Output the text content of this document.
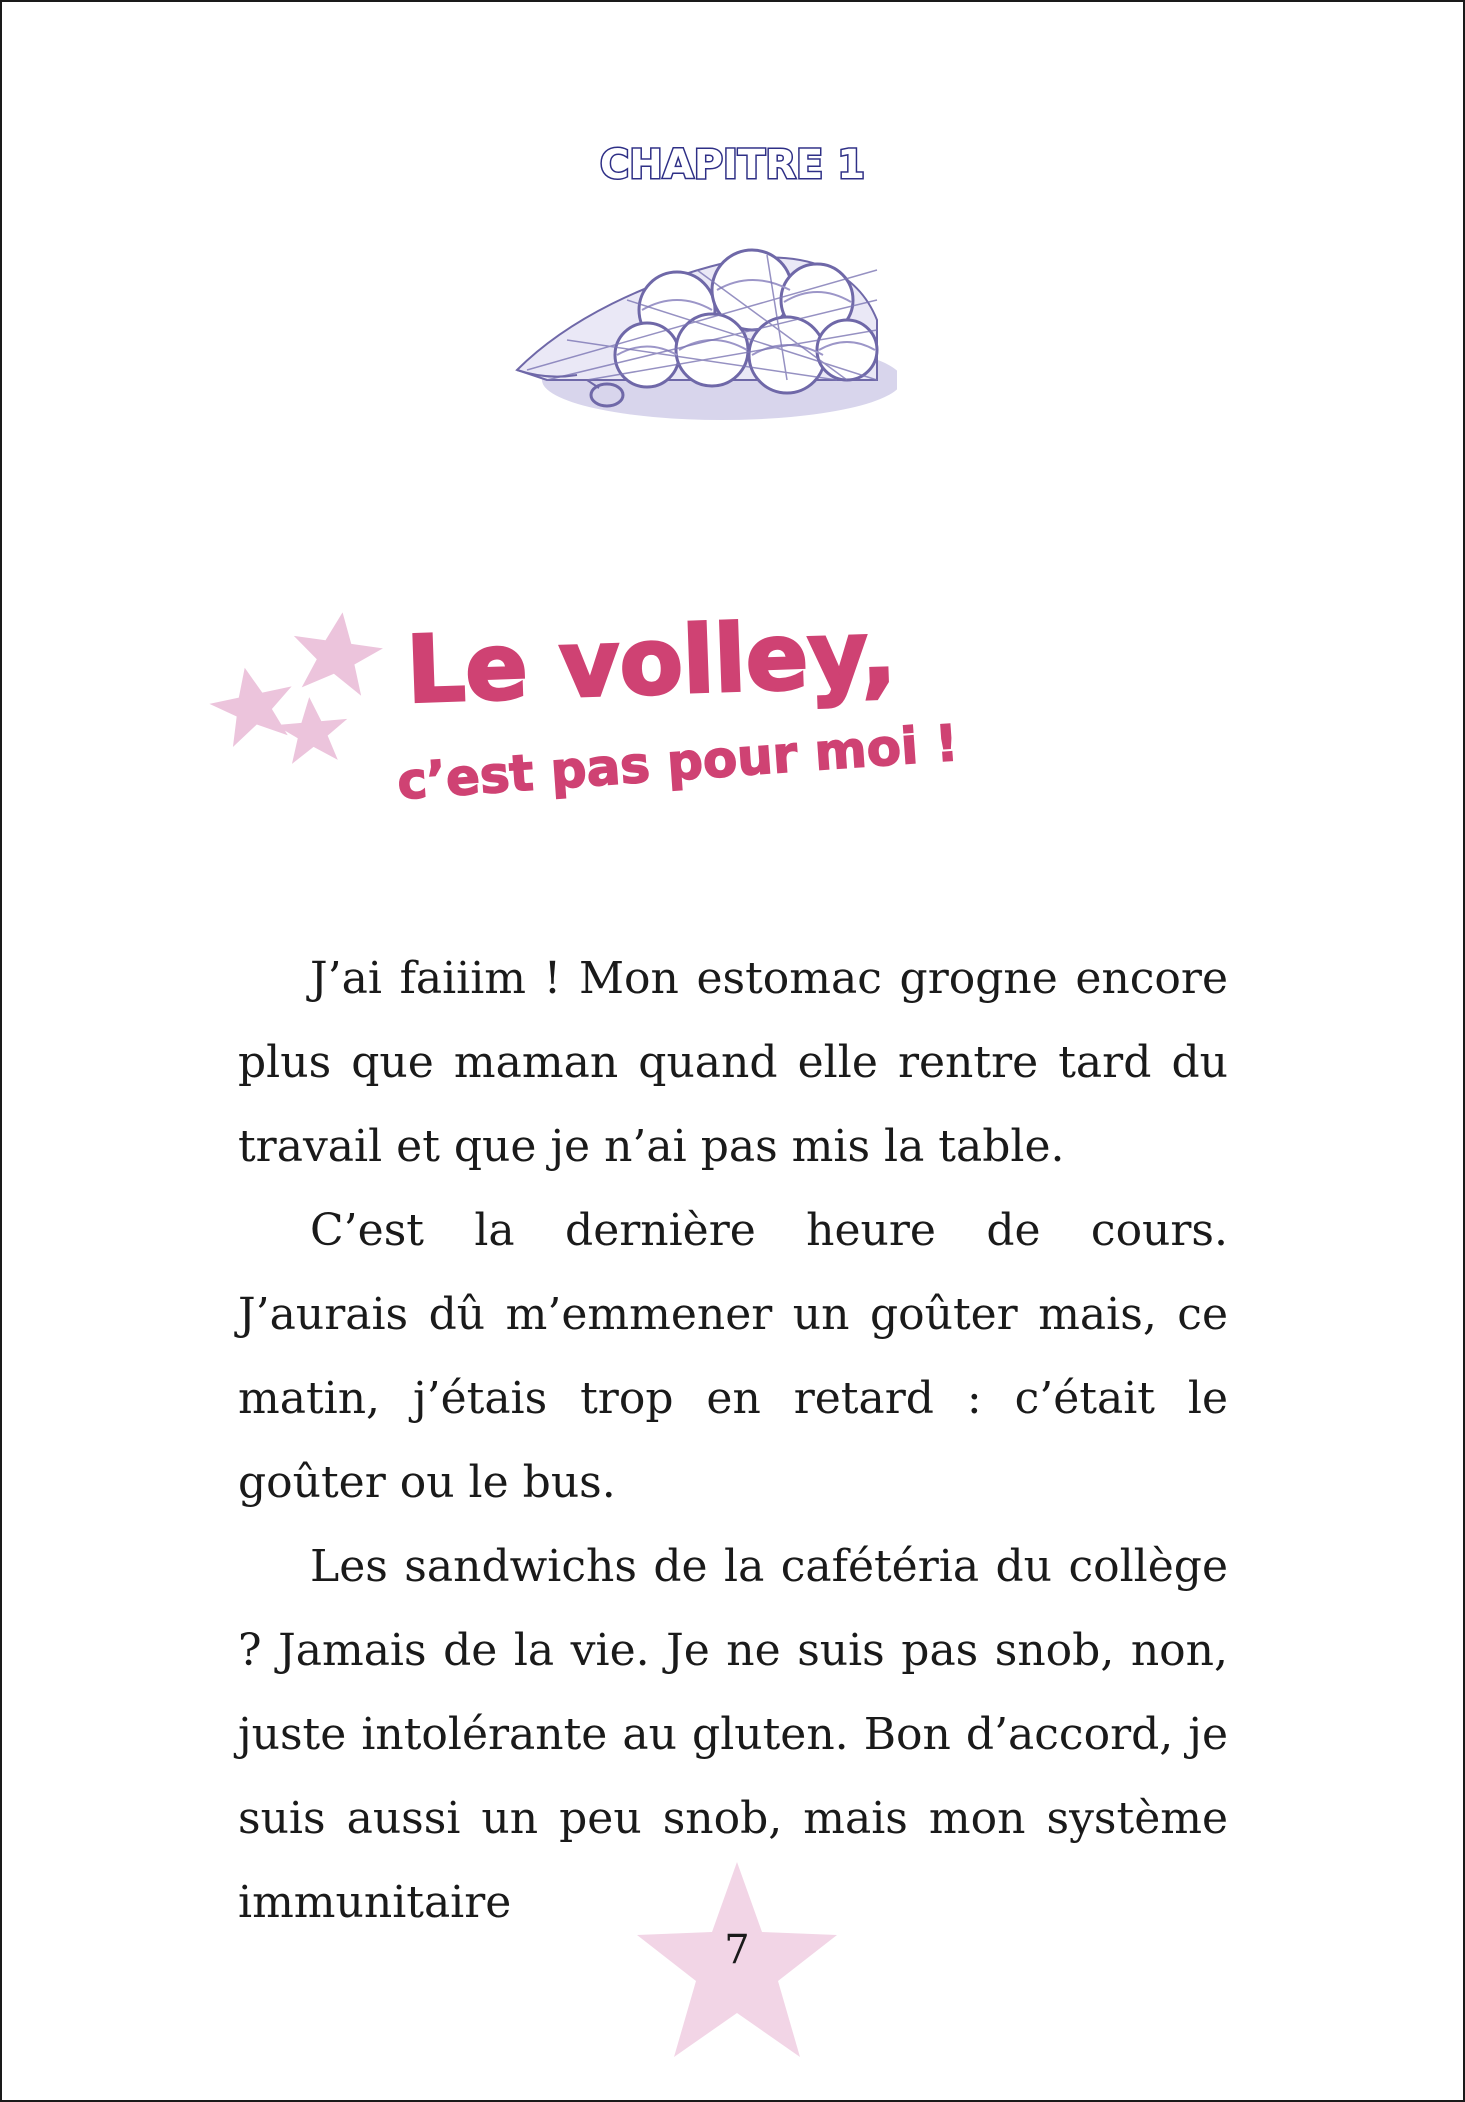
CHAPITRE 1
Le volley,
c’est pas pour moi !

J’ai faiiim ! Mon estomac grogne encore plus que maman quand elle rentre tard du travail et que je n’ai pas mis la table.

C’est la dernière heure de cours. J’aurais dû m’emmener un goûter mais, ce matin, j’étais trop en retard : c’était le goûter ou le bus.

Les sandwichs de la cafétéria du collège ? Jamais de la vie. Je ne suis pas snob, non, juste intolérante au gluten. Bon d’accord, je suis aussi un peu snob, mais mon système immunitaire

7
